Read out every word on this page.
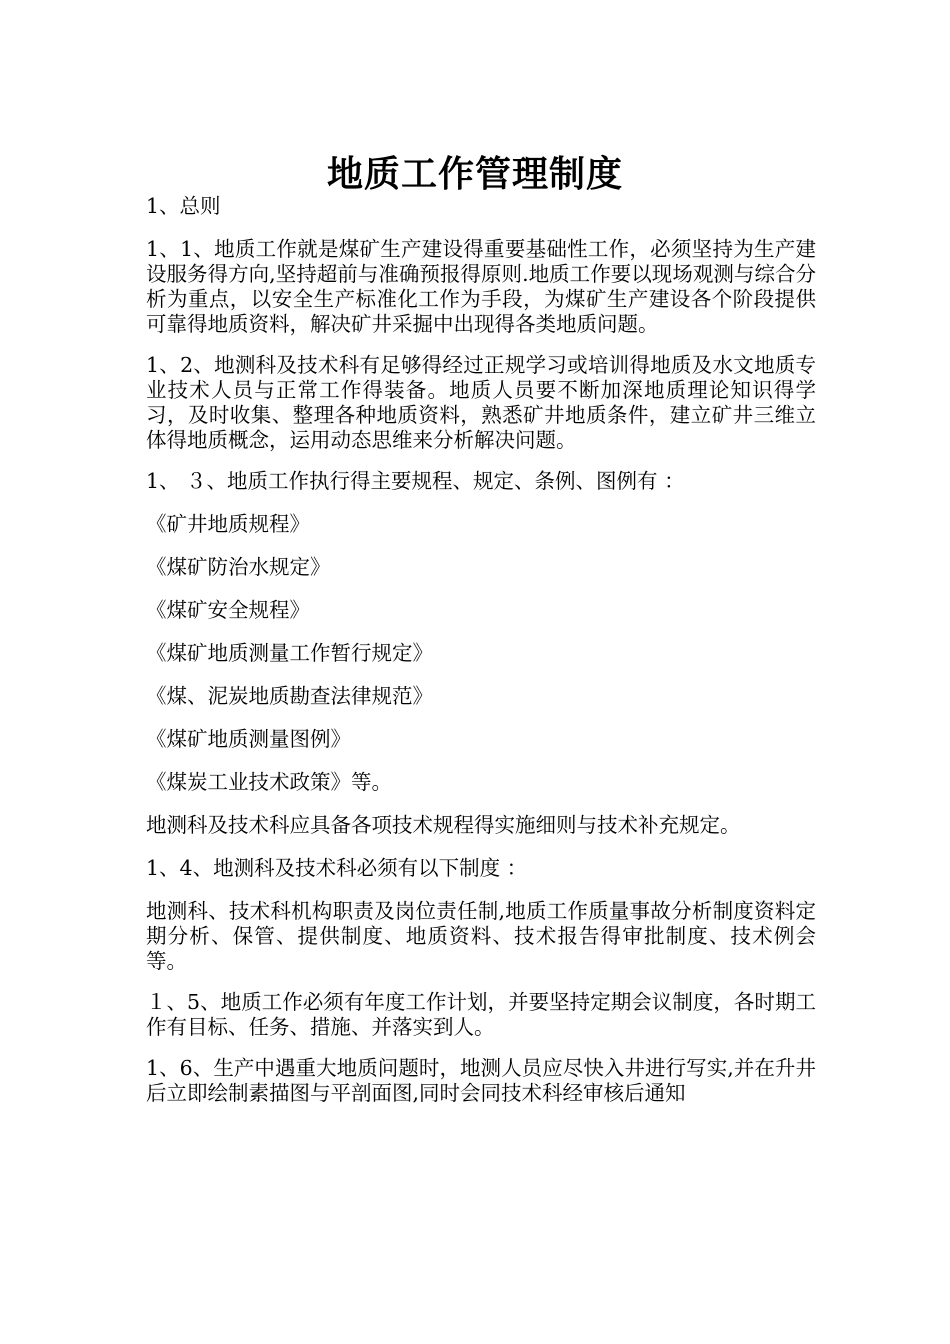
地质工作管理制度

1、总则

1、1、地质工作就是煤矿生产建设得重要基础性工作，必须坚持为生产建设服务得方向,坚持超前与准确预报得原则.地质工作要以现场观测与综合分析为重点，以安全生产标准化工作为手段，为煤矿生产建设各个阶段提供可靠得地质资料，解决矿井采掘中出现得各类地质问题。

1、2、地测科及技术科有足够得经过正规学习或培训得地质及水文地质专业技术人员与正常工作得装备。地质人员要不断加深地质理论知识得学习，及时收集、整理各种地质资料，熟悉矿井地质条件，建立矿井三维立体得地质概念，运用动态思维来分析解决问题。

1、 ３、地质工作执行得主要规程、规定、条例、图例有 ：

《矿井地质规程》

《煤矿防治水规定》

《煤矿安全规程》

《煤矿地质测量工作暂行规定》

《煤、泥炭地质勘查法律规范》

《煤矿地质测量图例》

《煤炭工业技术政策》等。

地测科及技术科应具备各项技术规程得实施细则与技术补充规定。

1、4、地测科及技术科必须有以下制度 ：

地测科、技术科机构职责及岗位责任制,地质工作质量事故分析制度资料定期分析、保管、提供制度、地质资料、技术报告得审批制度、技术例会等。

１、5、地质工作必须有年度工作计划，并要坚持定期会议制度，各时期工作有目标、任务、措施、并落实到人。

1、6、生产中遇重大地质问题时，地测人员应尽快入井进行写实,并在升井后立即绘制素描图与平剖面图,同时会同技术科经审核后通知
